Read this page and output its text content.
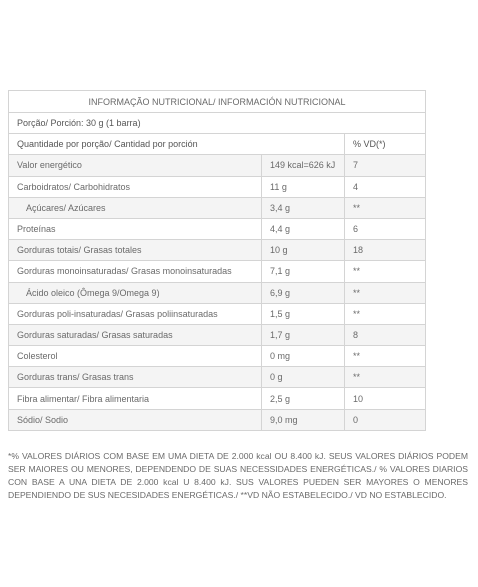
INFORMAÇÃO NUTRICIONAL/ INFORMACIÓN NUTRICIONAL		
Porção/ Porción: 30 g (1 barra)		
Quantidade por porção/ Cantidad por porción		% VD(*)
Valor energético	149 kcal=626 kJ	7
Carboidratos/ Carbohidratos	11 g	4
Açúcares/ Azúcares	3,4 g	**
Proteínas	4,4 g	6
Gorduras totais/ Grasas totales	10 g	18
Gorduras monoinsaturadas/ Grasas monoinsaturadas	7,1 g	**
Ácido oleico (Ômega 9/Omega 9)	6,9 g	**
Gorduras poli-insaturadas/ Grasas poliinsaturadas	1,5 g	**
Gorduras saturadas/ Grasas saturadas	1,7 g	8
Colesterol	0 mg	**
Gorduras trans/ Grasas trans	0 g	**
Fibra alimentar/ Fibra alimentaria	2,5 g	10
Sódio/ Sodio	9,0 mg	0

*% VALORES DIÁRIOS COM BASE EM UMA DIETA DE 2.000 kcal OU 8.400 kJ. SEUS VALORES DIÁRIOS PODEM SER MAIORES OU MENORES, DEPENDENDO DE SUAS NECESSIDADES ENERGÉTICAS./ % VALORES DIARIOS CON BASE A UNA DIETA DE 2.000 kcal U 8.400 kJ. SUS VALORES PUEDEN SER MAYORES O MENORES DEPENDIENDO DE SUS NECESIDADES ENERGÉTICAS./ **VD NÃO ESTABELECIDO./ VD NO ESTABLECIDO.
